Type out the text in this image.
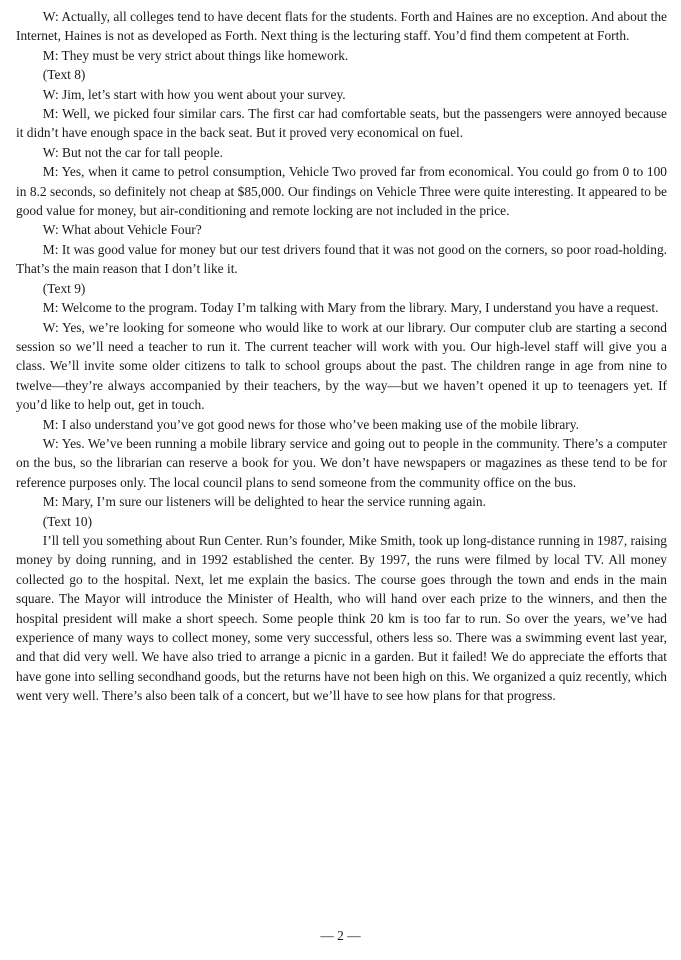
W: Actually, all colleges tend to have decent flats for the students. Forth and Haines are no exception. And about the Internet, Haines is not as developed as Forth. Next thing is the lecturing staff. You’d find them competent at Forth.

M: They must be very strict about things like homework.

(Text 8)

W: Jim, let’s start with how you went about your survey.

M: Well, we picked four similar cars. The first car had comfortable seats, but the passengers were annoyed because it didn’t have enough space in the back seat. But it proved very economical on fuel.

W: But not the car for tall people.

M: Yes, when it came to petrol consumption, Vehicle Two proved far from economical. You could go from 0 to 100 in 8.2 seconds, so definitely not cheap at $85,000. Our findings on Vehicle Three were quite interesting. It appeared to be good value for money, but air-conditioning and remote locking are not included in the price.

W: What about Vehicle Four?

M: It was good value for money but our test drivers found that it was not good on the corners, so poor road-holding. That’s the main reason that I don’t like it.

(Text 9)

M: Welcome to the program. Today I’m talking with Mary from the library. Mary, I understand you have a request.

W: Yes, we’re looking for someone who would like to work at our library. Our computer club are starting a second session so we’ll need a teacher to run it. The current teacher will work with you. Our high-level staff will give you a class. We’ll invite some older citizens to talk to school groups about the past. The children range in age from nine to twelve—they’re always accompanied by their teachers, by the way—but we haven’t opened it up to teenagers yet. If you’d like to help out, get in touch.

M: I also understand you’ve got good news for those who’ve been making use of the mobile library.

W: Yes. We’ve been running a mobile library service and going out to people in the community. There’s a computer on the bus, so the librarian can reserve a book for you. We don’t have newspapers or magazines as these tend to be for reference purposes only. The local council plans to send someone from the community office on the bus.

M: Mary, I’m sure our listeners will be delighted to hear the service running again.

(Text 10)

I’ll tell you something about Run Center. Run’s founder, Mike Smith, took up long-distance running in 1987, raising money by doing running, and in 1992 established the center. By 1997, the runs were filmed by local TV. All money collected go to the hospital. Next, let me explain the basics. The course goes through the town and ends in the main square. The Mayor will introduce the Minister of Health, who will hand over each prize to the winners, and then the hospital president will make a short speech. Some people think 20 km is too far to run. So over the years, we’ve had experience of many ways to collect money, some very successful, others less so. There was a swimming event last year, and that did very well. We have also tried to arrange a picnic in a garden. But it failed! We do appreciate the efforts that have gone into selling secondhand goods, but the returns have not been high on this. We organized a quiz recently, which went very well. There’s also been talk of a concert, but we’ll have to see how plans for that progress.

— 2 —
